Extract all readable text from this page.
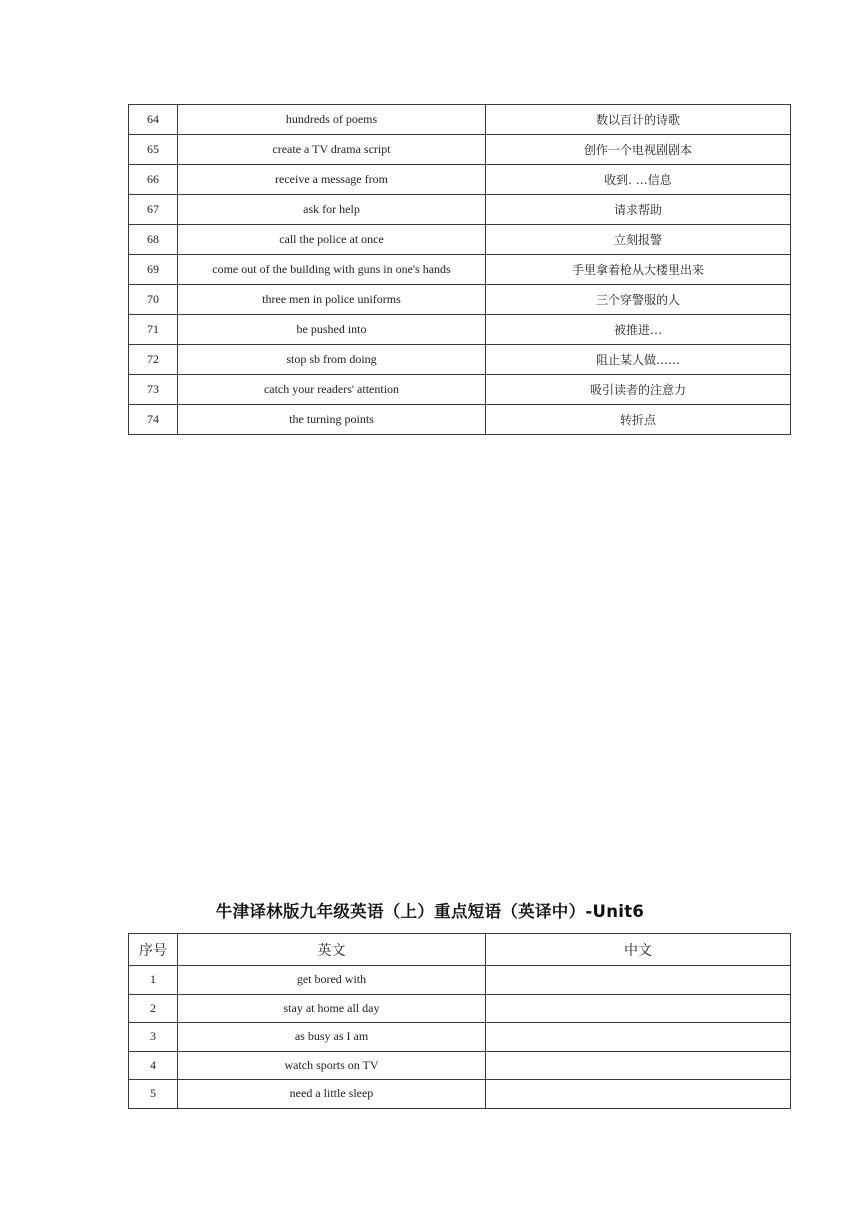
64	hundreds of poems	数以百计的诗歌
65	create a TV drama script	创作一个电视剧剧本
66	receive a message from	收到. …信息
67	ask for help	请求帮助
68	call the police at once	立刻报警
69	come out of the building with guns in one's hands	手里拿着枪从大楼里出来
70	three men in police uniforms	三个穿警服的人
71	be pushed into	被推进…
72	stop sb from doing	阻止某人做……
73	catch your readers' attention	吸引读者的注意力
74	the turning points	转折点
牛津译林版九年级英语（上）重点短语（英译中）-Unit6
序号	英文	中文
1	get bored with	
2	stay at home all day	
3	as busy as I am	
4	watch sports on TV	
5	need a little sleep	
